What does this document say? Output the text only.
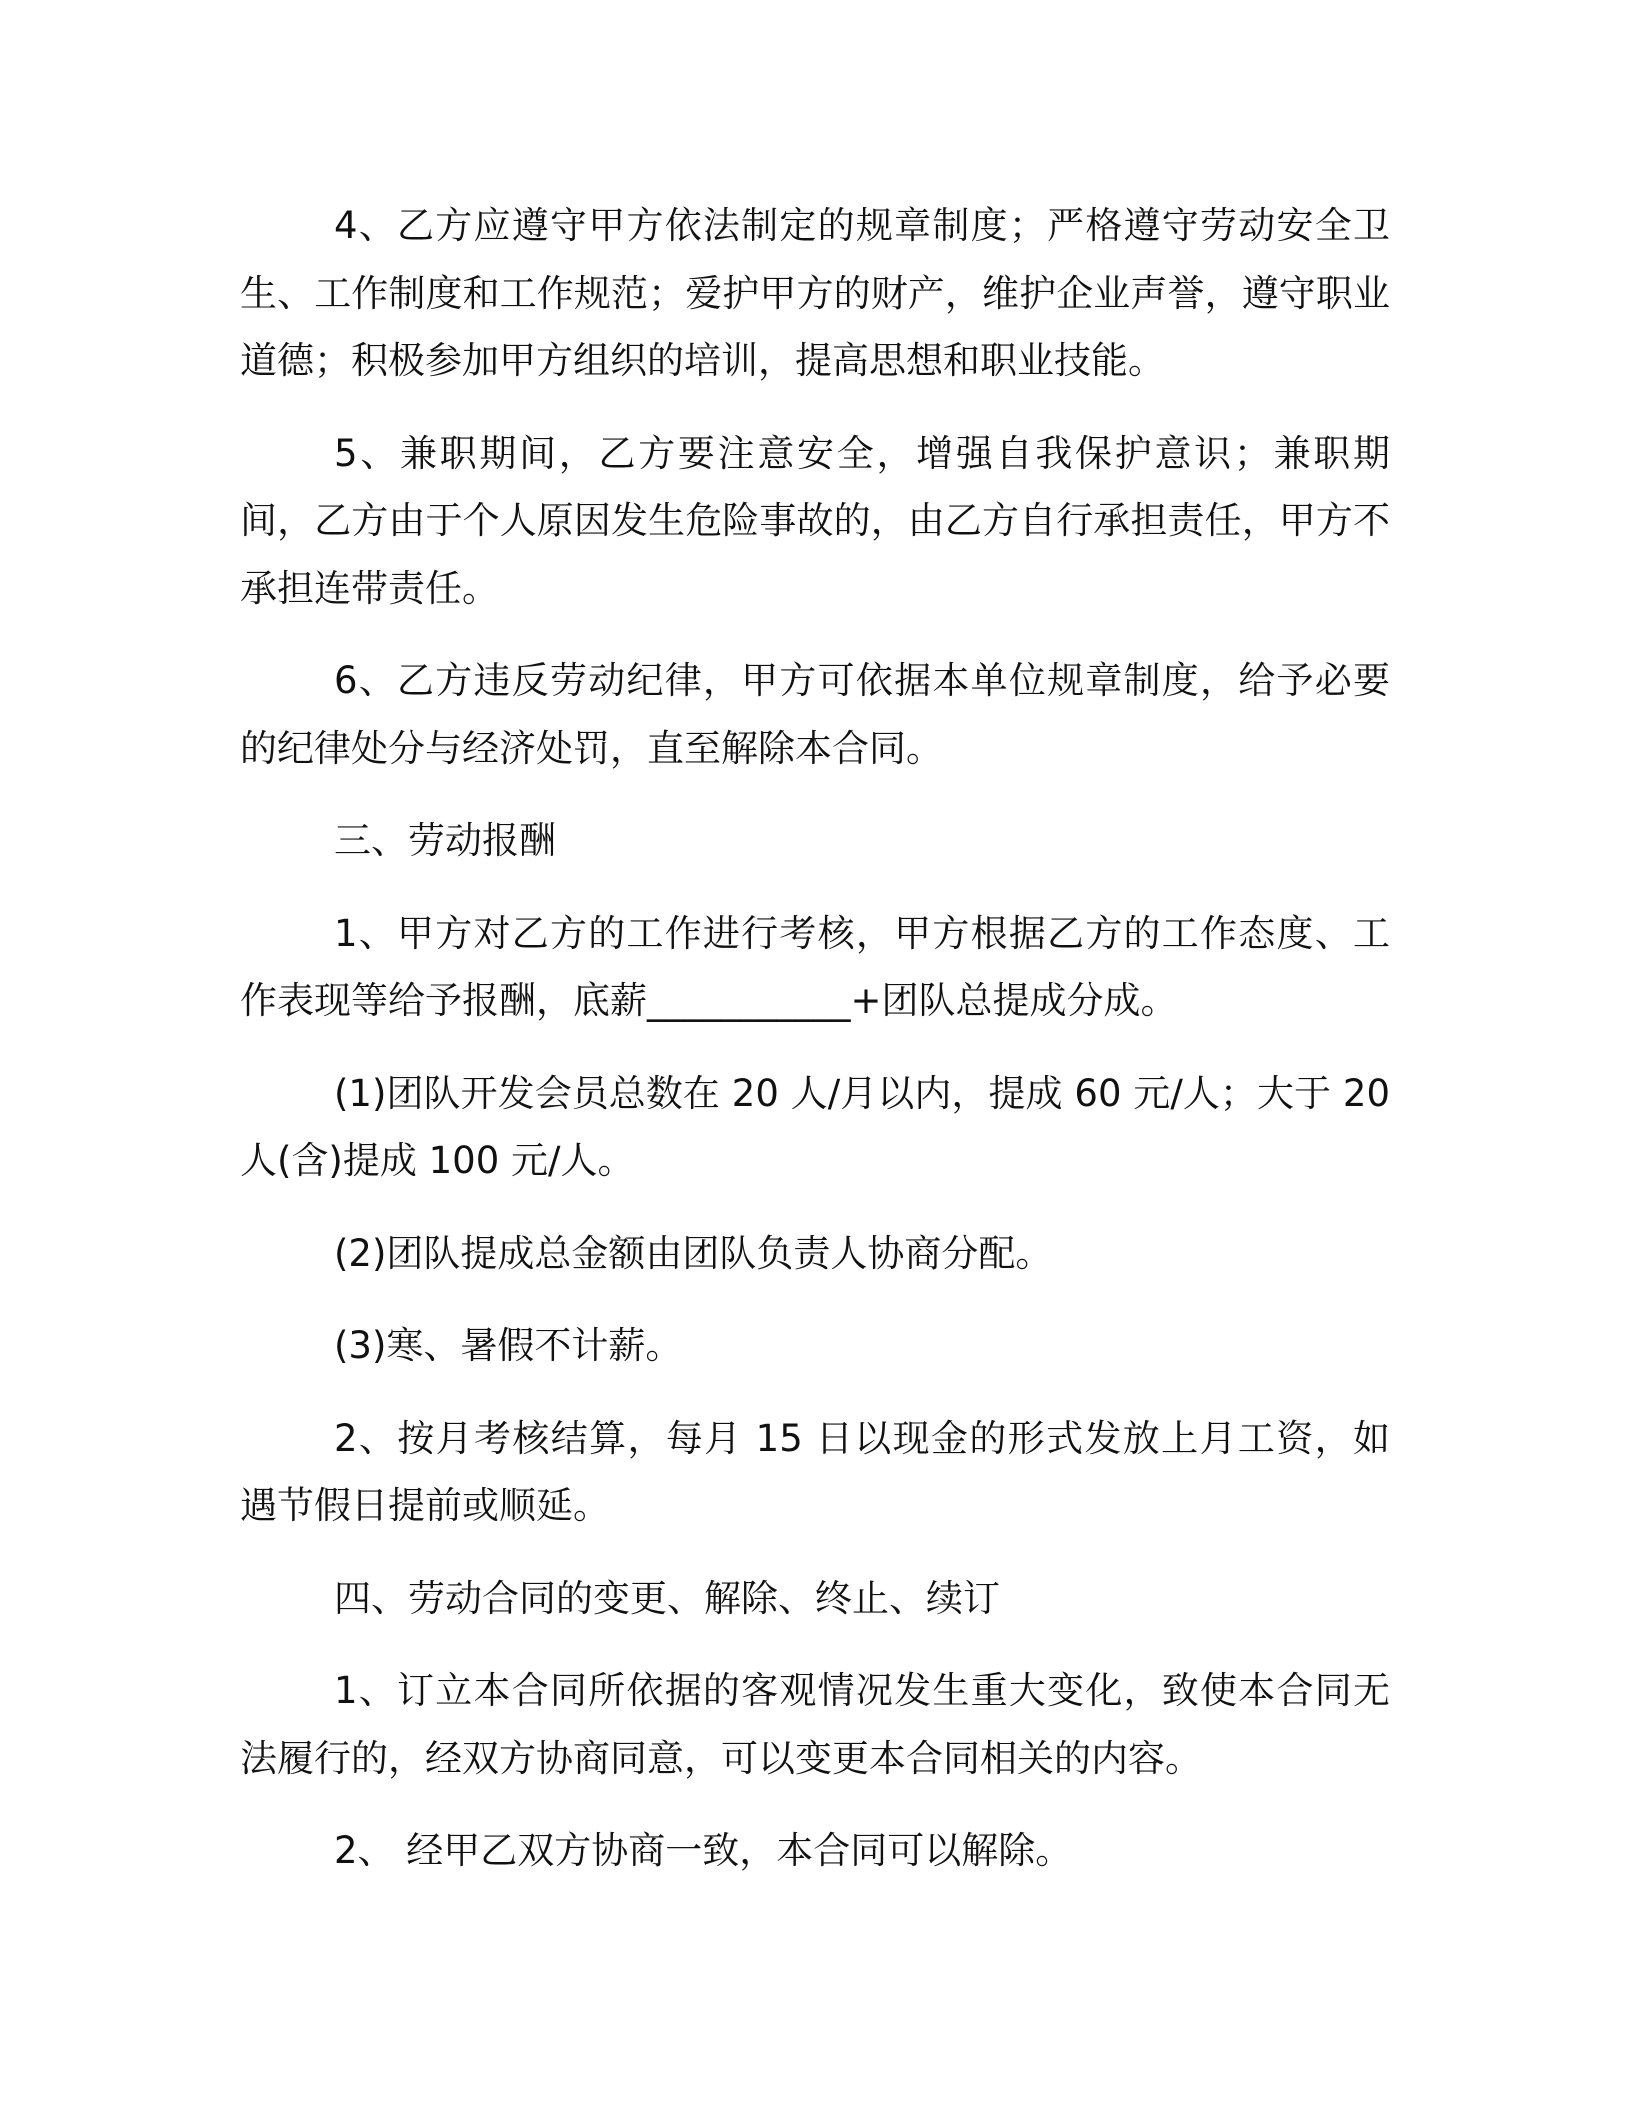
4、乙方应遵守甲方依法制定的规章制度；严格遵守劳动安全卫生、工作制度和工作规范；爱护甲方的财产，维护企业声誉，遵守职业道德；积极参加甲方组织的培训，提高思想和职业技能。

5、兼职期间，乙方要注意安全，增强自我保护意识；兼职期间，乙方由于个人原因发生危险事故的，由乙方自行承担责任，甲方不承担连带责任。

6、乙方违反劳动纪律，甲方可依据本单位规章制度，给予必要的纪律处分与经济处罚，直至解除本合同。

三、劳动报酬

1、甲方对乙方的工作进行考核，甲方根据乙方的工作态度、工作表现等给予报酬，底薪___________+团队总提成分成。

(1)团队开发会员总数在 20 人/月以内，提成 60 元/人；大于 20 人(含)提成 100 元/人。

(2)团队提成总金额由团队负责人协商分配。

(3)寒、暑假不计薪。

2、按月考核结算，每月 15 日以现金的形式发放上月工资，如遇节假日提前或顺延。

四、劳动合同的变更、解除、终止、续订

1、订立本合同所依据的客观情况发生重大变化，致使本合同无法履行的，经双方协商同意，可以变更本合同相关的内容。

2、 经甲乙双方协商一致，本合同可以解除。
